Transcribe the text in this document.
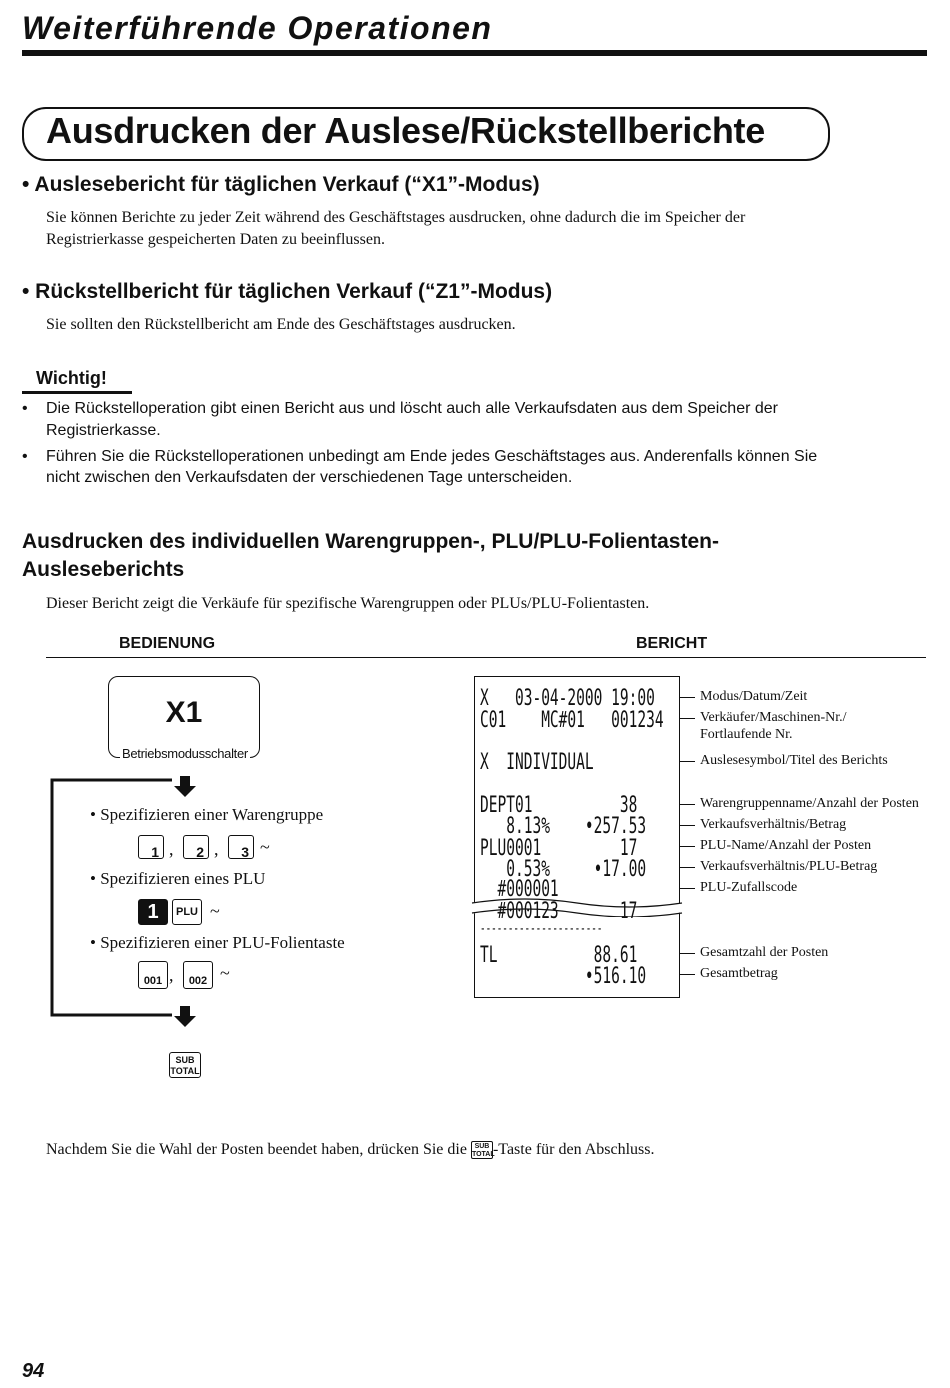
Weiterführende Operationen
Ausdrucken der Auslese/Rückstellberichte
• Auslesebericht für täglichen Verkauf (“X1”-Modus)
Sie können Berichte zu jeder Zeit während des Geschäftstages ausdrucken, ohne dadurch die im Speicher der
Registrierkasse gespeicherten Daten zu beeinflussen.
• Rückstellbericht für täglichen Verkauf (“Z1”-Modus)
Sie sollten den Rückstellbericht am Ende des Geschäftstages ausdrucken.
Wichtig!
• Die Rückstelloperation gibt einen Bericht aus und löscht auch alle Verkaufsdaten aus dem Speicher der
Registrierkasse.
• Führen Sie die Rückstelloperationen unbedingt am Ende jedes Geschäftstages aus. Anderenfalls können Sie
nicht zwischen den Verkaufsdaten der verschiedenen Tage unterscheiden.
Ausdrucken des individuellen Warengruppen-, PLU/PLU-Folientasten-
Ausleseberichts
Dieser Bericht zeigt die Verkäufe für spezifische Warengruppen oder PLUs/PLU-Folientasten.
BEDIENUNG	BERICHT
X1
Betriebsmodusschalter
• Spezifizieren einer Warengruppe
1 ,	2 ,	3 ~
• Spezifizieren eines PLU
1	PLU ~
• Spezifizieren einer PLU-Folientaste
001 ,	002 ~
SUB
TOTAL
X   03-04-2000 19:00
C01    MC#01   001234
X  INDIVIDUAL
DEPT01          38
8.13%    •257.53
PLU0001         17
0.53%     •17.00
#000001
#000123       17
----------------------
TL           88.61
•516.10
Modus/Datum/Zeit
Verkäufer/Maschinen-Nr./
Fortlaufende Nr.
Auslesesymbol/Titel des Berichts
Warengruppenname/Anzahl der Posten
Verkaufsverhältnis/Betrag
PLU-Name/Anzahl der Posten
Verkaufsverhältnis/PLU-Betrag
PLU-Zufallscode
Gesamtzahl der Posten
Gesamtbetrag
Nachdem Sie die Wahl der Posten beendet haben, drücken Sie die	SUB
TOTAL
-Taste für den Abschluss.
94
